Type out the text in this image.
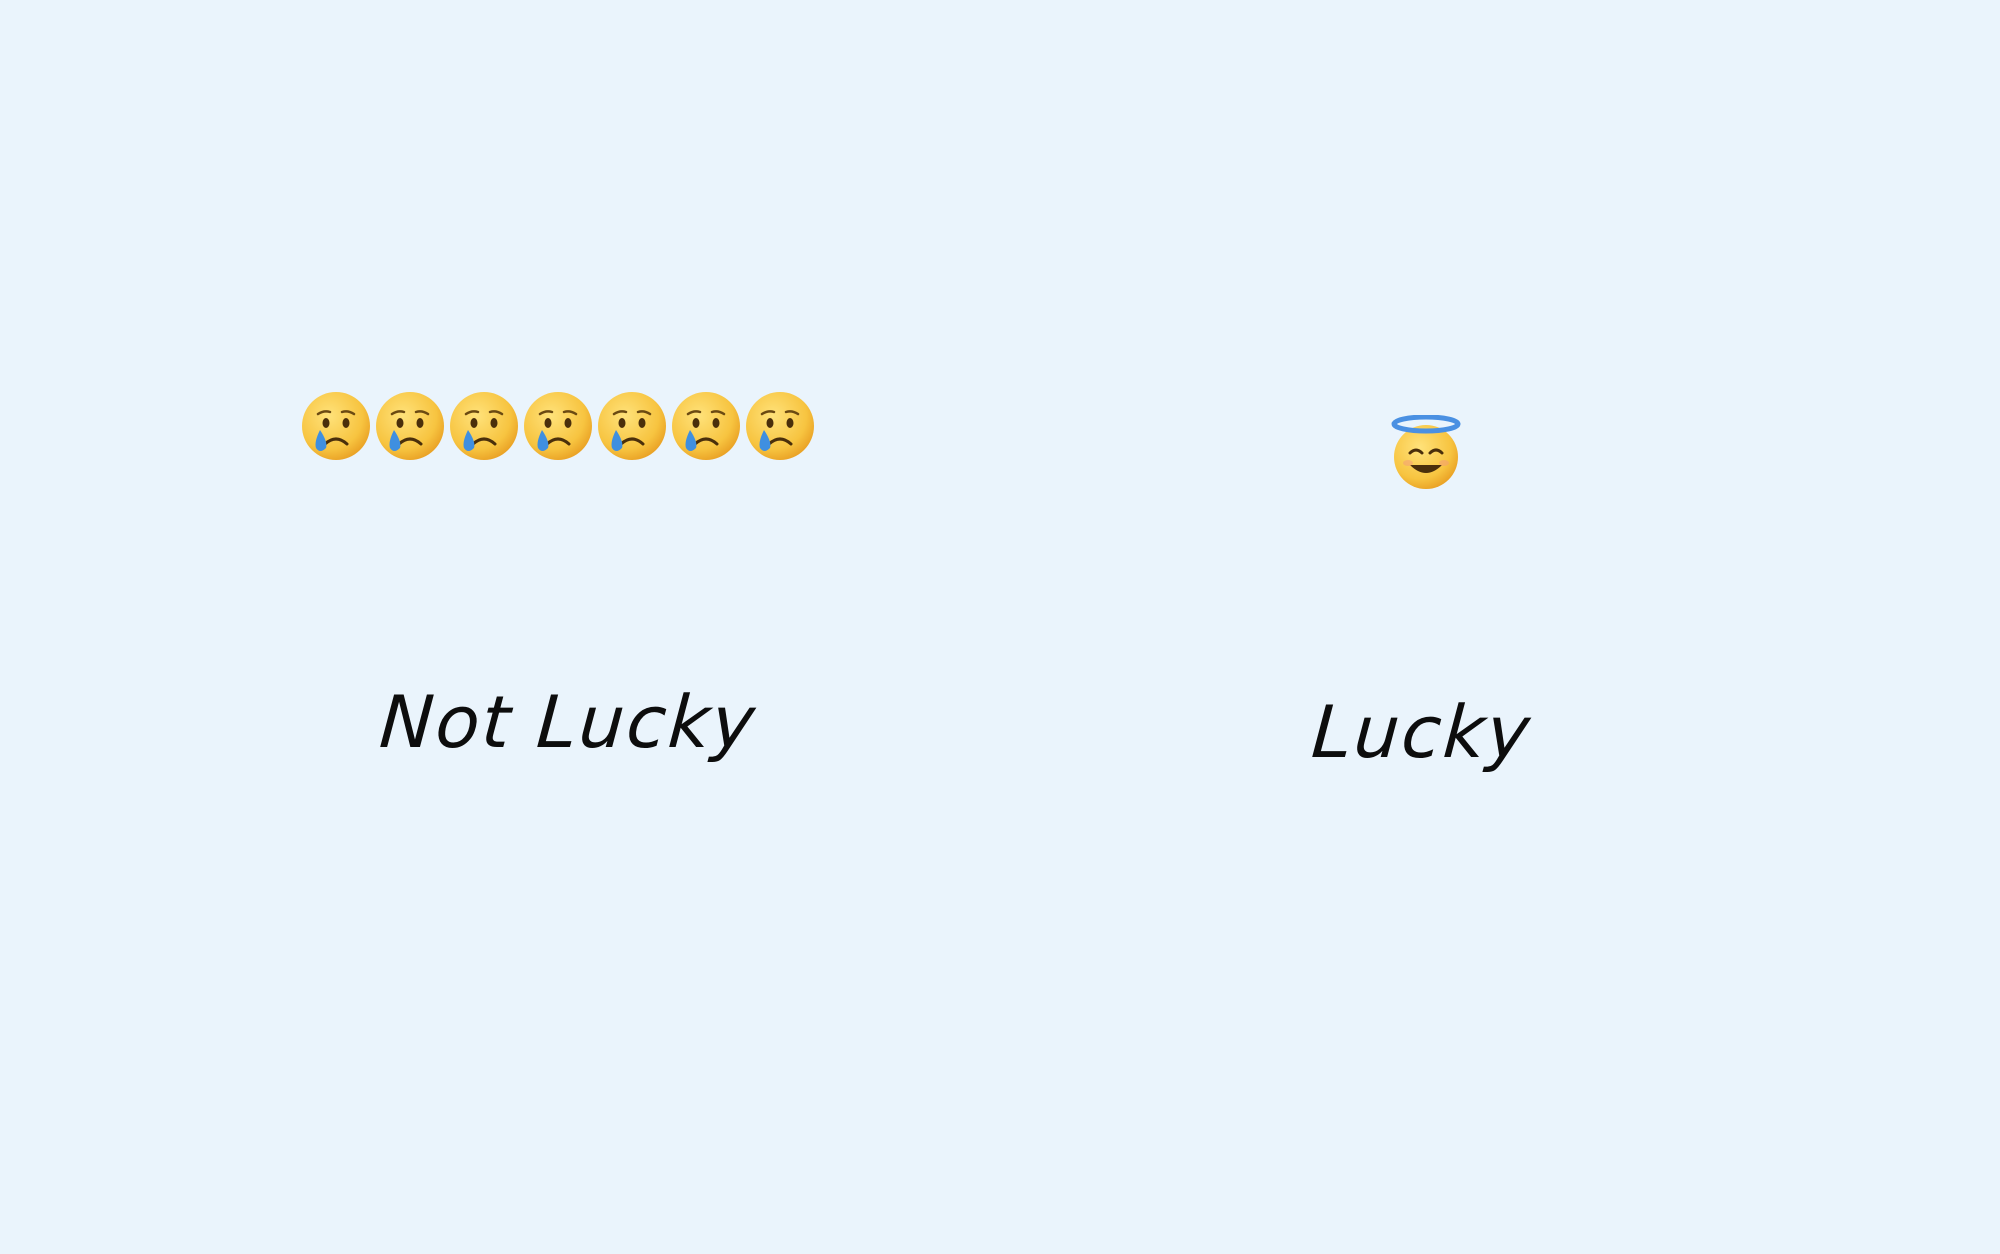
Not Lucky	Lucky
